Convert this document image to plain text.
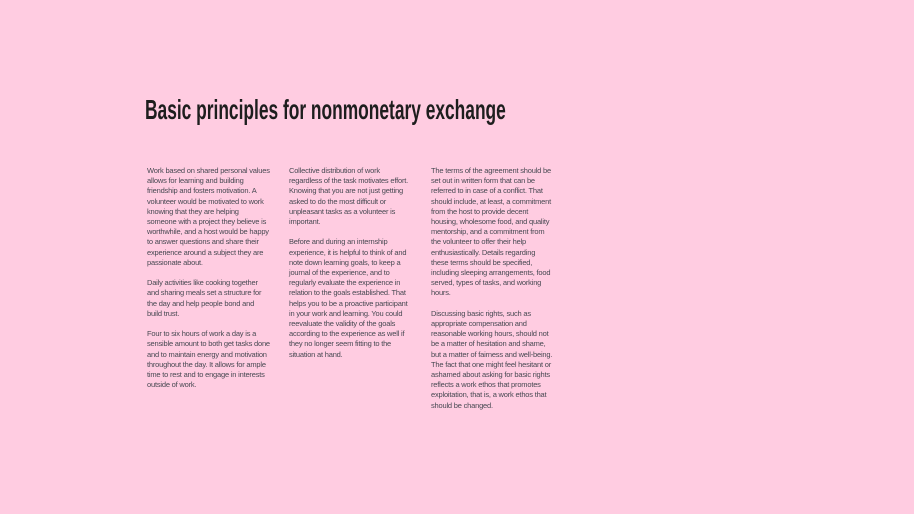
Basic principles for nonmonetary exchange

Work based on shared personal values allows for learning and building friendship and fosters motivation. A volunteer would be motivated to work knowing that they are helping someone with a project they believe is worthwhile, and a host would be happy to answer questions and share their experience around a subject they are passionate about.

Daily activities like cooking together and sharing meals set a structure for the day and help people bond and build trust.

Four to six hours of work a day is a sensible amount to both get tasks done and to maintain energy and motivation throughout the day. It allows for ample time to rest and to engage in interests outside of work.

Collective distribution of work regardless of the task motivates effort. Knowing that you are not just getting asked to do the most difficult or unpleasant tasks as a volunteer is important.

Before and during an internship experience, it is helpful to think of and note down learning goals, to keep a journal of the experience, and to regularly evaluate the experience in relation to the goals established. That helps you to be a proactive participant in your work and learning. You could reevaluate the validity of the goals according to the experience as well if they no longer seem fitting to the situation at hand.

The terms of the agreement should be set out in written form that can be referred to in case of a conflict. That should include, at least, a commitment from the host to provide decent housing, wholesome food, and quality mentorship, and a commitment from the volunteer to offer their help enthusiastically. Details regarding these terms should be specified, including sleeping arrangements, food served, types of tasks, and working hours.

Discussing basic rights, such as appropriate compensation and reasonable working hours, should not be a matter of hesitation and shame, but a matter of fairness and well-being. The fact that one might feel hesitant or ashamed about asking for basic rights reflects a work ethos that promotes exploitation, that is, a work ethos that should be changed.
